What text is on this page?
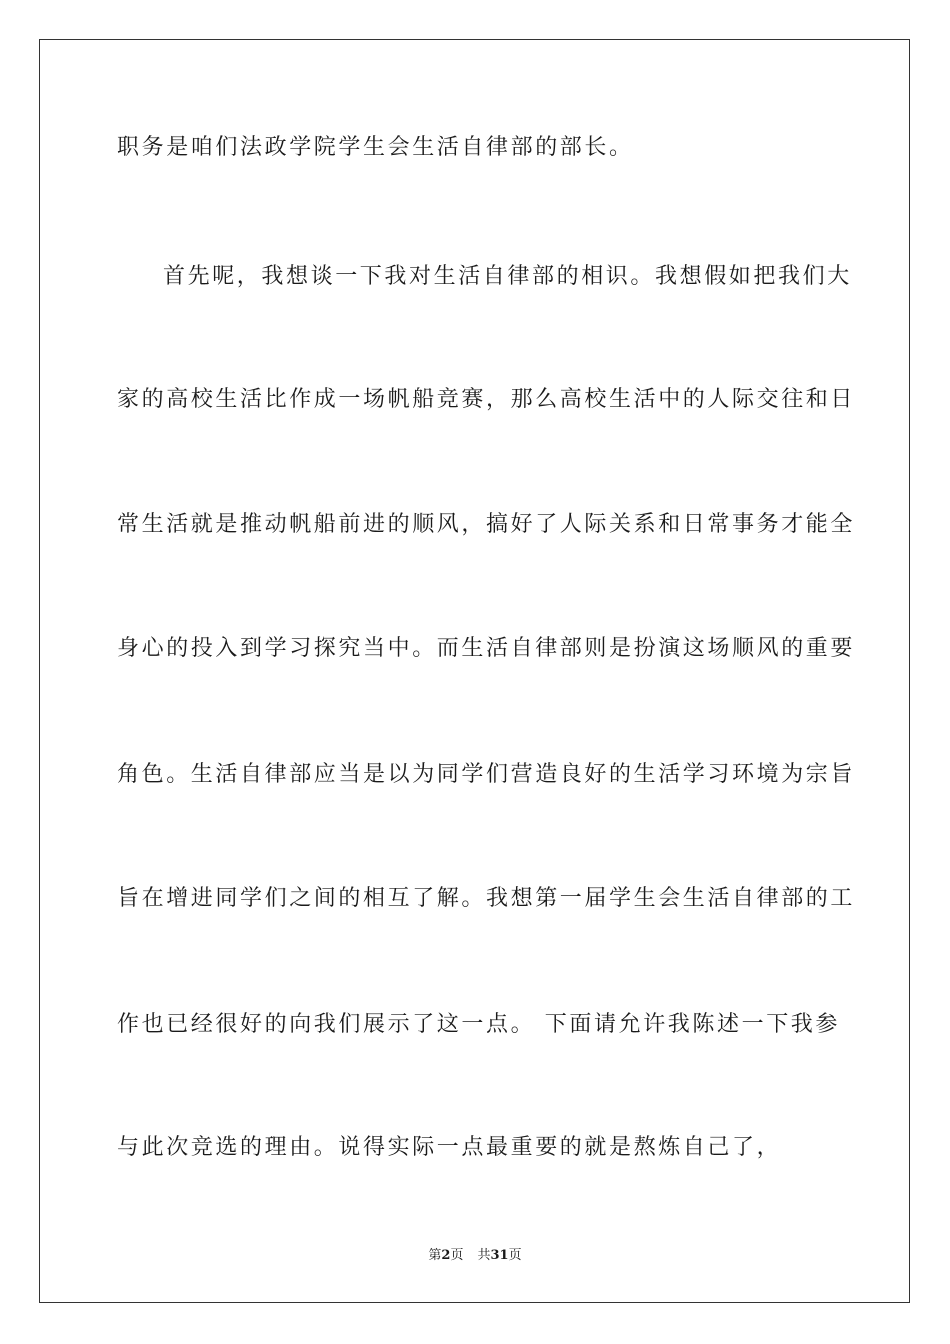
职务是咱们法政学院学生会生活自律部的部长。
首先呢，我想谈一下我对生活自律部的相识。我想假如把我们大
家的高校生活比作成一场帆船竞赛，那么高校生活中的人际交往和日
常生活就是推动帆船前进的顺风，搞好了人际关系和日常事务才能全
身心的投入到学习探究当中。而生活自律部则是扮演这场顺风的重要
角色。生活自律部应当是以为同学们营造良好的生活学习环境为宗旨
旨在增进同学们之间的相互了解。我想第一届学生会生活自律部的工
作也已经很好的向我们展示了这一点。 下面请允许我陈述一下我参
与此次竞选的理由。说得实际一点最重要的就是熬炼自己了，
第2页 共31页
